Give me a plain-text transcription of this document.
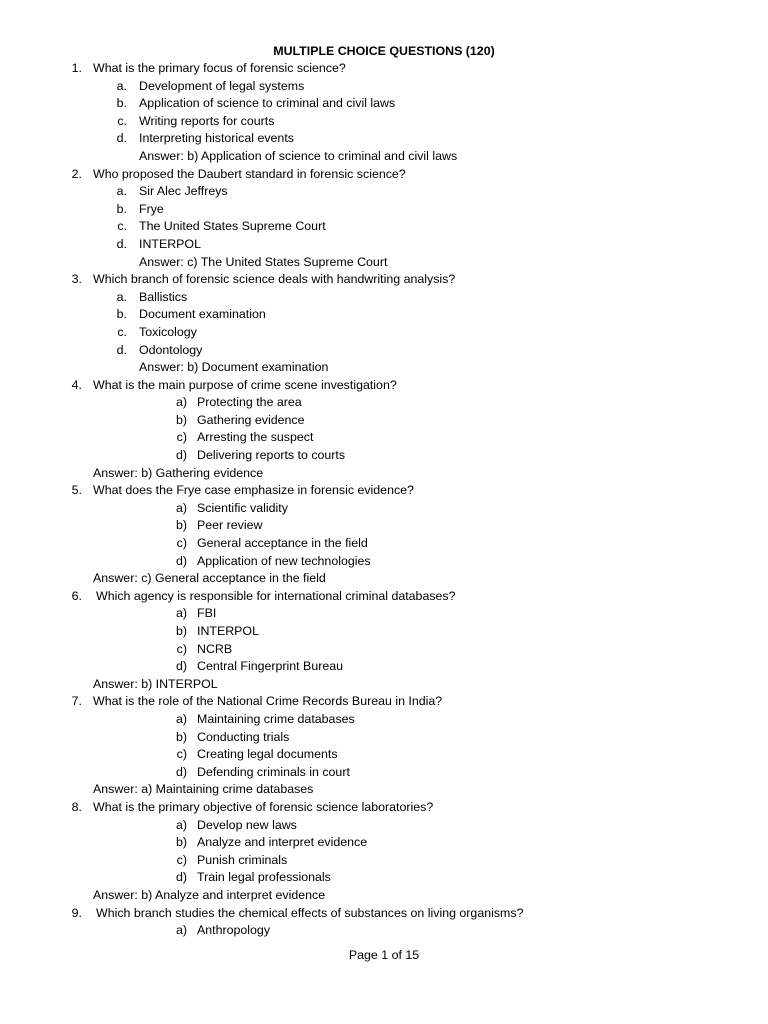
MULTIPLE CHOICE QUESTIONS (120)
1. What is the primary focus of forensic science?
a. Development of legal systems
b. Application of science to criminal and civil laws
c. Writing reports for courts
d. Interpreting historical events
Answer: b) Application of science to criminal and civil laws
2. Who proposed the Daubert standard in forensic science?
a. Sir Alec Jeffreys
b. Frye
c. The United States Supreme Court
d. INTERPOL
Answer: c) The United States Supreme Court
3. Which branch of forensic science deals with handwriting analysis?
a. Ballistics
b. Document examination
c. Toxicology
d. Odontology
Answer: b) Document examination
4. What is the main purpose of crime scene investigation?
a) Protecting the area
b) Gathering evidence
c) Arresting the suspect
d) Delivering reports to courts
Answer: b) Gathering evidence
5. What does the Frye case emphasize in forensic evidence?
a) Scientific validity
b) Peer review
c) General acceptance in the field
d) Application of new technologies
Answer: c) General acceptance in the field
6. Which agency is responsible for international criminal databases?
a) FBI
b) INTERPOL
c) NCRB
d) Central Fingerprint Bureau
Answer: b) INTERPOL
7. What is the role of the National Crime Records Bureau in India?
a) Maintaining crime databases
b) Conducting trials
c) Creating legal documents
d) Defending criminals in court
Answer: a) Maintaining crime databases
8. What is the primary objective of forensic science laboratories?
a) Develop new laws
b) Analyze and interpret evidence
c) Punish criminals
d) Train legal professionals
Answer: b) Analyze and interpret evidence
9. Which branch studies the chemical effects of substances on living organisms?
a) Anthropology
Page 1 of 15
